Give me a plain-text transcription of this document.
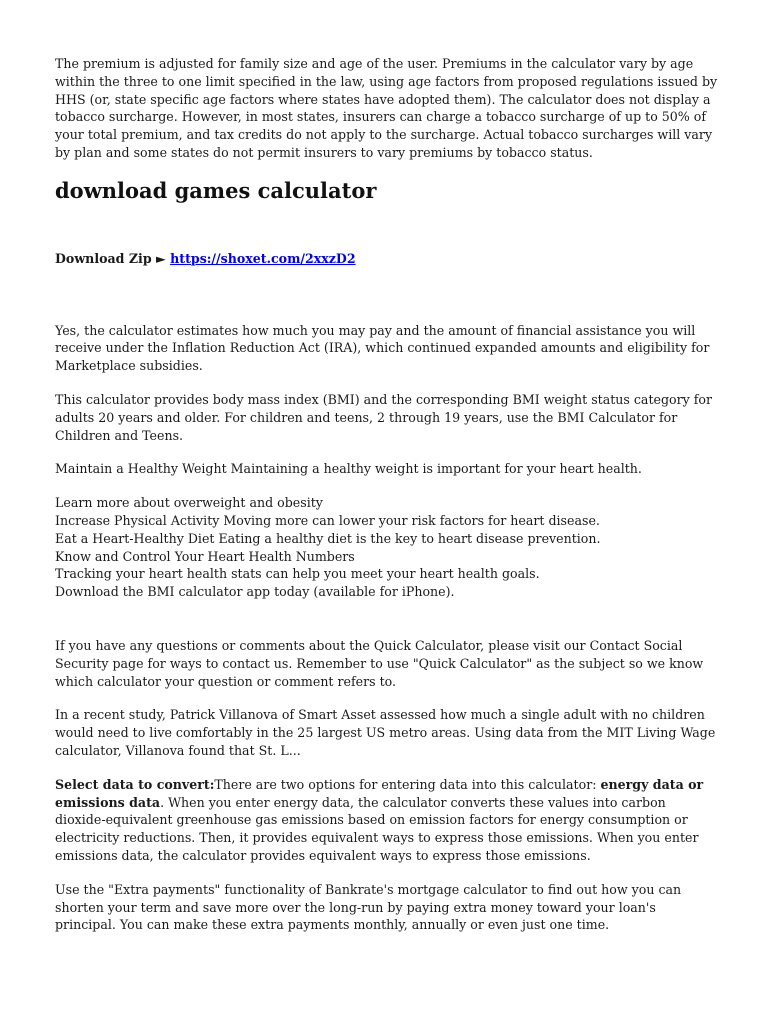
The premium is adjusted for family size and age of the user. Premiums in the calculator vary by age within the three to one limit specified in the law, using age factors from proposed regulations issued by HHS (or, state specific age factors where states have adopted them). The calculator does not display a tobacco surcharge. However, in most states, insurers can charge a tobacco surcharge of up to 50% of your total premium, and tax credits do not apply to the surcharge. Actual tobacco surcharges will vary by plan and some states do not permit insurers to vary premiums by tobacco status.

download games calculator
Download Zip ► https://shoxet.com/2xxzD2

Yes, the calculator estimates how much you may pay and the amount of financial assistance you will receive under the Inflation Reduction Act (IRA), which continued expanded amounts and eligibility for Marketplace subsidies.

This calculator provides body mass index (BMI) and the corresponding BMI weight status category for adults 20 years and older. For children and teens, 2 through 19 years, use the BMI Calculator for Children and Teens.

Maintain a Healthy Weight Maintaining a healthy weight is important for your heart health.

Learn more about overweight and obesity

Increase Physical Activity Moving more can lower your risk factors for heart disease.

Eat a Heart-Healthy Diet Eating a healthy diet is the key to heart disease prevention.

Know and Control Your Heart Health Numbers

Tracking your heart health stats can help you meet your heart health goals.

Download the BMI calculator app today (available for iPhone).

If you have any questions or comments about the Quick Calculator, please visit our Contact Social Security page for ways to contact us. Remember to use "Quick Calculator" as the subject so we know which calculator your question or comment refers to.

In a recent study, Patrick Villanova of Smart Asset assessed how much a single adult with no children would need to live comfortably in the 25 largest US metro areas. Using data from the MIT Living Wage calculator, Villanova found that St. L...

Select data to convert:There are two options for entering data into this calculator: energy data or emissions data. When you enter energy data, the calculator converts these values into carbon dioxide-equivalent greenhouse gas emissions based on emission factors for energy consumption or electricity reductions. Then, it provides equivalent ways to express those emissions. When you enter emissions data, the calculator provides equivalent ways to express those emissions.

Use the "Extra payments" functionality of Bankrate's mortgage calculator to find out how you can shorten your term and save more over the long-run by paying extra money toward your loan's principal. You can make these extra payments monthly, annually or even just one time.
